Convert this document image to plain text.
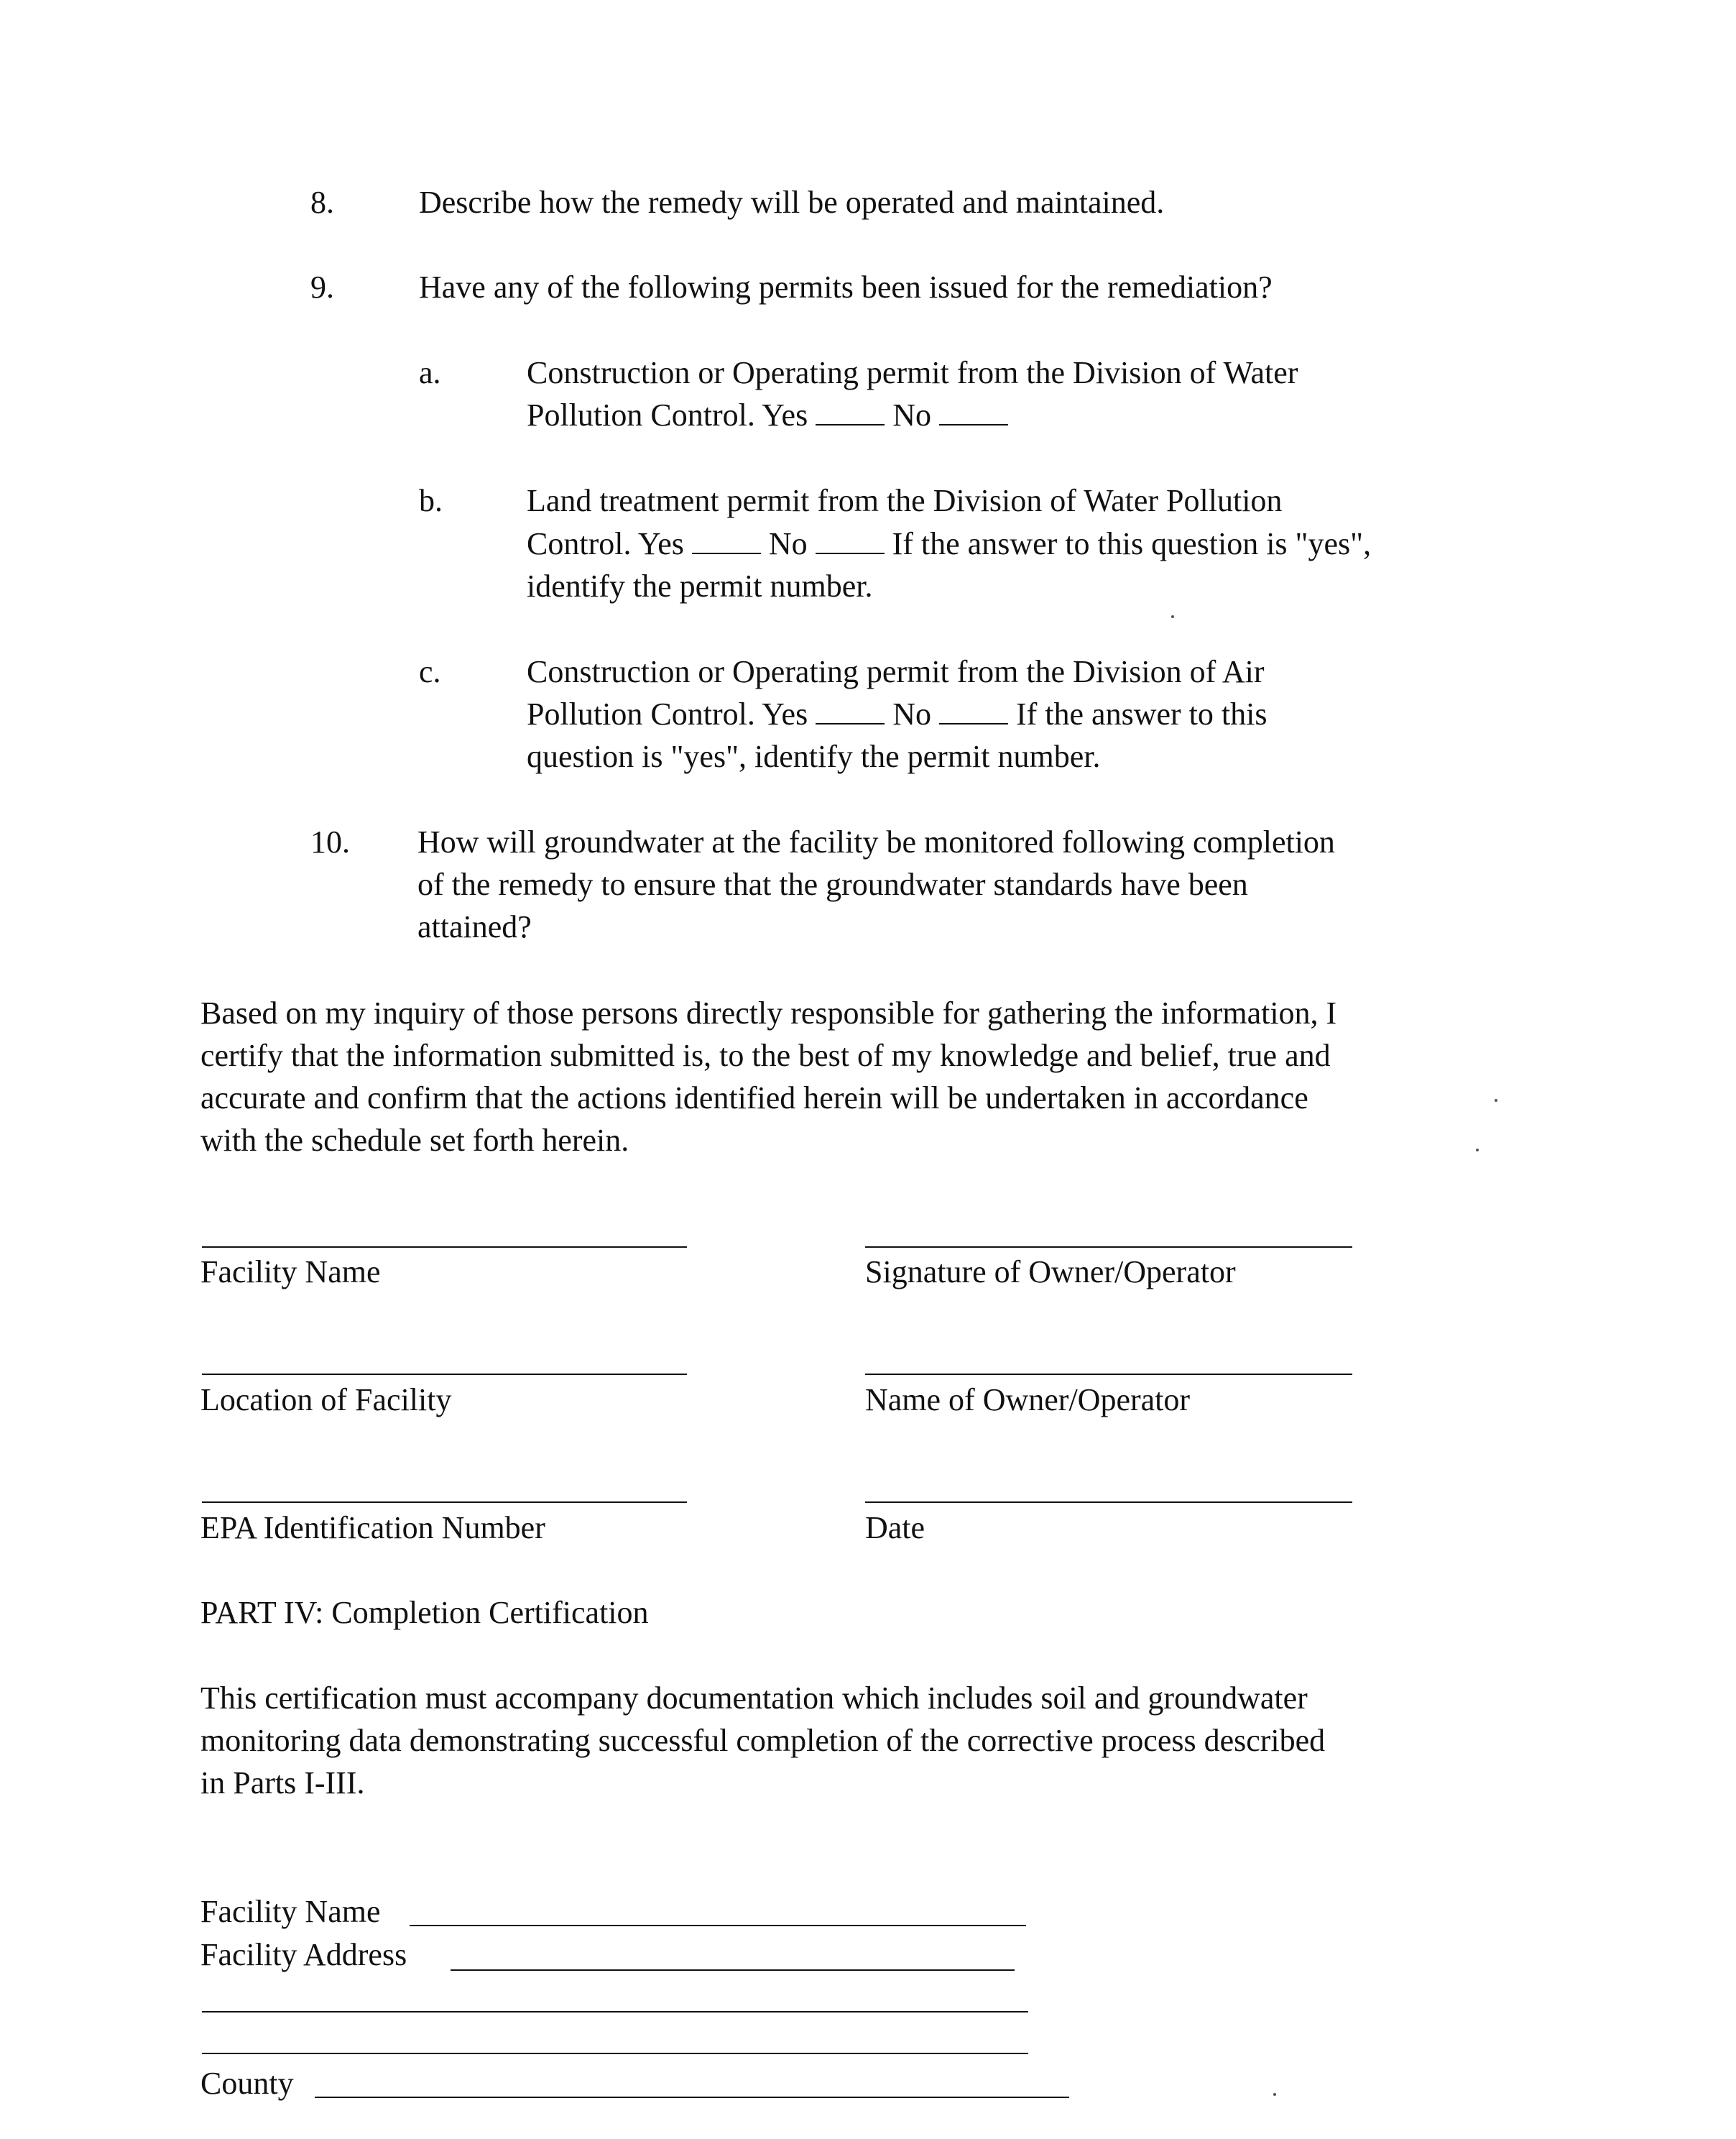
8.	Describe how the remedy will be operated and maintained.
9.	Have any of the following permits been issued for the remediation?
a.	Construction or Operating permit from the Division of Water
Pollution Control. Yes	No
b.	Land treatment permit from the Division of Water Pollution
Control. Yes	No	If the answer to this question is "yes",
identify the permit number.
c.	Construction or Operating permit from the Division of Air
Pollution Control. Yes	No	If the answer to this
question is "yes", identify the permit number.
10. How will groundwater at the facility be monitored following completion
of the remedy to ensure that the groundwater standards have been
attained?
Based on my inquiry of those persons directly responsible for gathering the information, I
certify that the information submitted is, to the best of my knowledge and belief, true and
accurate and confirm that the actions identified herein will be undertaken in accordance
with the schedule set forth herein.
Facility Name	Signature of Owner/Operator
Location of Facility	Name of Owner/Operator
EPA Identification Number	Date
PART IV: Completion Certification
This certification must accompany documentation which includes soil and groundwater
monitoring data demonstrating successful completion of the corrective process described
in Parts I-III.
Facility Name
Facility Address
County
